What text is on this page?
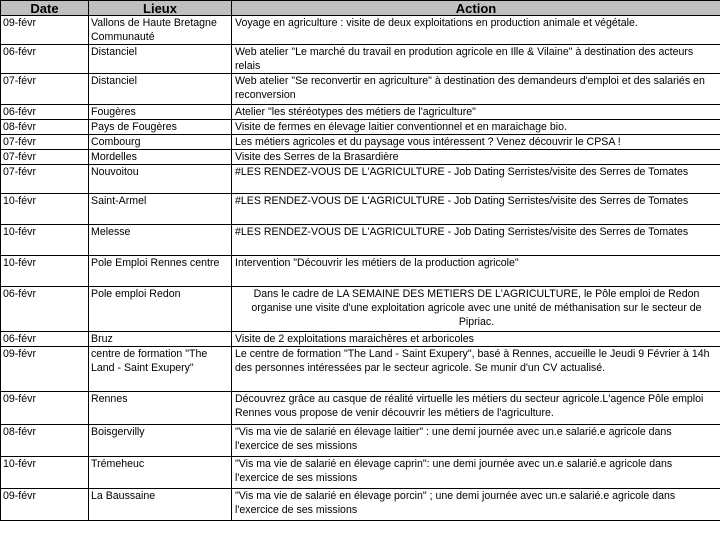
Date	Lieux	Action
09-févr	Vallons de Haute Bretagne Communauté	Voyage en agriculture : visite de deux exploitations en production animale et végétale.
06-févr	Distanciel	Web atelier "Le marché du travail en prodution agricole en Ille & Vilaine" à destination des acteurs relais
07-févr	Distanciel	Web atelier "Se reconvertir en agriculture" à destination des demandeurs d'emploi et des salariés en reconversion
06-févr	Fougères	Atelier "les stéréotypes des métiers de l'agriculture"
08-févr	Pays de Fougères	Visite de fermes en élevage laitier conventionnel et en maraichage bio.
07-févr	Combourg	Les métiers agricoles et du paysage vous intéressent ? Venez découvrir le CPSA !
07-févr	Mordelles	Visite des Serres de la Brasardière
07-févr	Nouvoitou	#LES RENDEZ-VOUS DE L'AGRICULTURE - Job Dating Serristes/visite des Serres de Tomates
10-févr	Saint-Armel	#LES RENDEZ-VOUS DE L'AGRICULTURE - Job Dating Serristes/visite des Serres de Tomates
10-févr	Melesse	#LES RENDEZ-VOUS DE L'AGRICULTURE - Job Dating Serristes/visite des Serres de Tomates
10-févr	Pole Emploi Rennes centre	Intervention "Découvrir les métiers de la production agricole"
06-févr	Pole emploi Redon	Dans le cadre de LA SEMAINE DES METIERS DE L'AGRICULTURE, le Pôle emploi de Redon organise une visite d'une exploitation agricole avec une unité de méthanisation sur le secteur de Pipriac.
06-févr	Bruz	Visite de 2 exploitations maraichères et arboricoles
09-févr	centre de formation "The Land - Saint Exupery"	Le centre de formation "The Land - Saint Exupery", basé à Rennes, accueille le Jeudi 9 Février à 14h des personnes intéressées par le secteur agricole. Se munir d'un CV actualisé.
09-févr	Rennes	Découvrez grâce au casque de réalité virtuelle les métiers du secteur agricole.L'agence Pôle emploi Rennes vous propose de venir découvrir les métiers de l'agriculture.
08-févr	Boisgervilly	"Vis ma vie de salarié en élevage laitier" : une demi journée avec un.e salarié.e agricole dans l'exercice de ses missions
10-févr	Trémeheuc	"Vis ma vie de salarié en élevage caprin": une demi journée avec un.e salarié.e agricole dans l'exercice de ses missions
09-févr	La Baussaine	"Vis ma vie de salarié en élevage porcin" ; une demi journée avec un.e salarié.e agricole dans l'exercice de ses missions
